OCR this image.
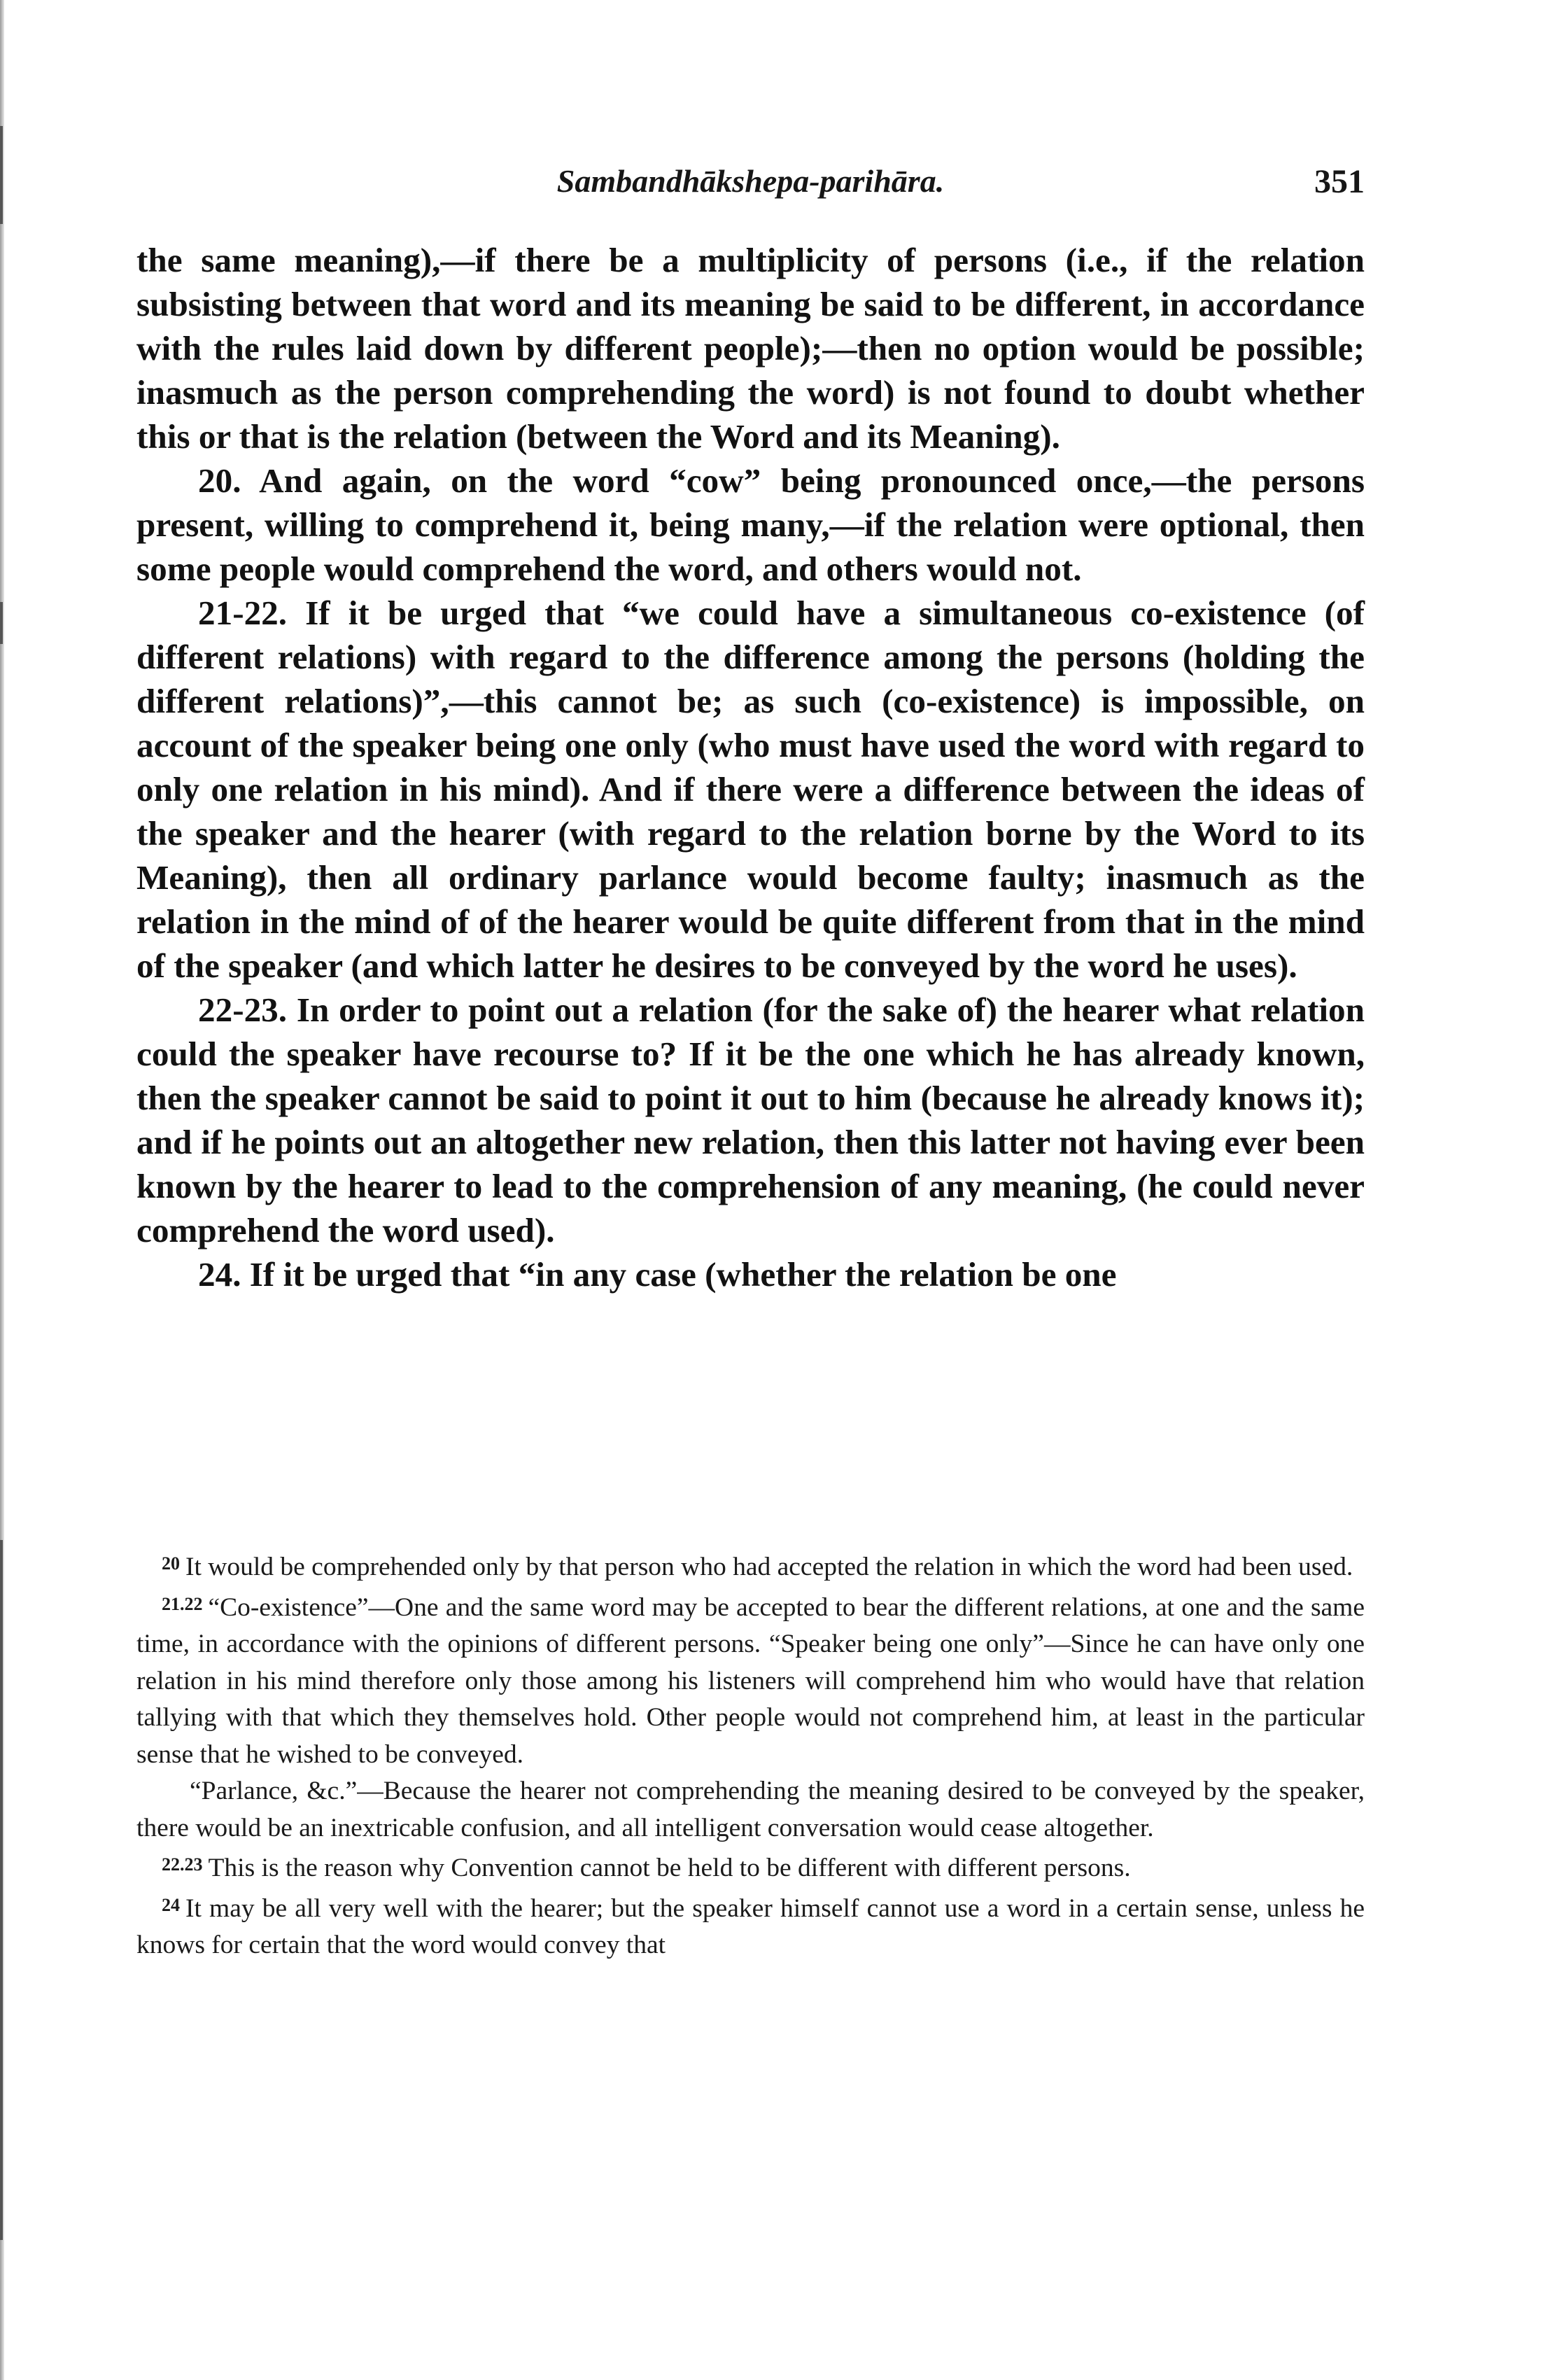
Sambandhākshepa-parihāra.	351

the same meaning),—if there be a multiplicity of persons (i.e., if the relation subsisting between that word and its meaning be said to be different, in accordance with the rules laid down by different people);—then no option would be possible; inasmuch as the person comprehending the word) is not found to doubt whether this or that is the relation (between the Word and its Meaning).

20. And again, on the word “cow” being pronounced once,—the persons present, willing to comprehend it, being many,—if the relation were optional, then some people would comprehend the word, and others would not.

21-22. If it be urged that “we could have a simultaneous co-existence (of different relations) with regard to the difference among the persons (holding the different relations)”,—this cannot be; as such (co-existence) is impossible, on account of the speaker being one only (who must have used the word with regard to only one relation in his mind). And if there were a difference between the ideas of the speaker and the hearer (with regard to the relation borne by the Word to its Meaning), then all ordinary parlance would become faulty; inasmuch as the relation in the mind of of the hearer would be quite different from that in the mind of the speaker (and which latter he desires to be conveyed by the word he uses).

22-23. In order to point out a relation (for the sake of) the hearer what relation could the speaker have recourse to? If it be the one which he has already known, then the speaker cannot be said to point it out to him (because he already knows it); and if he points out an altogether new relation, then this latter not having ever been known by the hearer to lead to the comprehension of any meaning, (he could never comprehend the word used).

24. If it be urged that “in any case (whether the relation be one

$^{20}$ It would be comprehended only by that person who had accepted the relation in which the word had been used.

$^{21.22}$ “Co-existence”—One and the same word may be accepted to bear the different relations, at one and the same time, in accordance with the opinions of different persons. “Speaker being one only”—Since he can have only one relation in his mind therefore only those among his listeners will comprehend him who would have that relation tallying with that which they themselves hold. Other people would not comprehend him, at least in the particular sense that he wished to be conveyed.

“Parlance, &c.”—Because the hearer not comprehending the meaning desired to be conveyed by the speaker, there would be an inextricable confusion, and all intelligent conversation would cease altogether.

$^{22.23}$ This is the reason why Convention cannot be held to be different with different persons.

$^{24}$ It may be all very well with the hearer; but the speaker himself cannot use a word in a certain sense, unless he knows for certain that the word would convey that
